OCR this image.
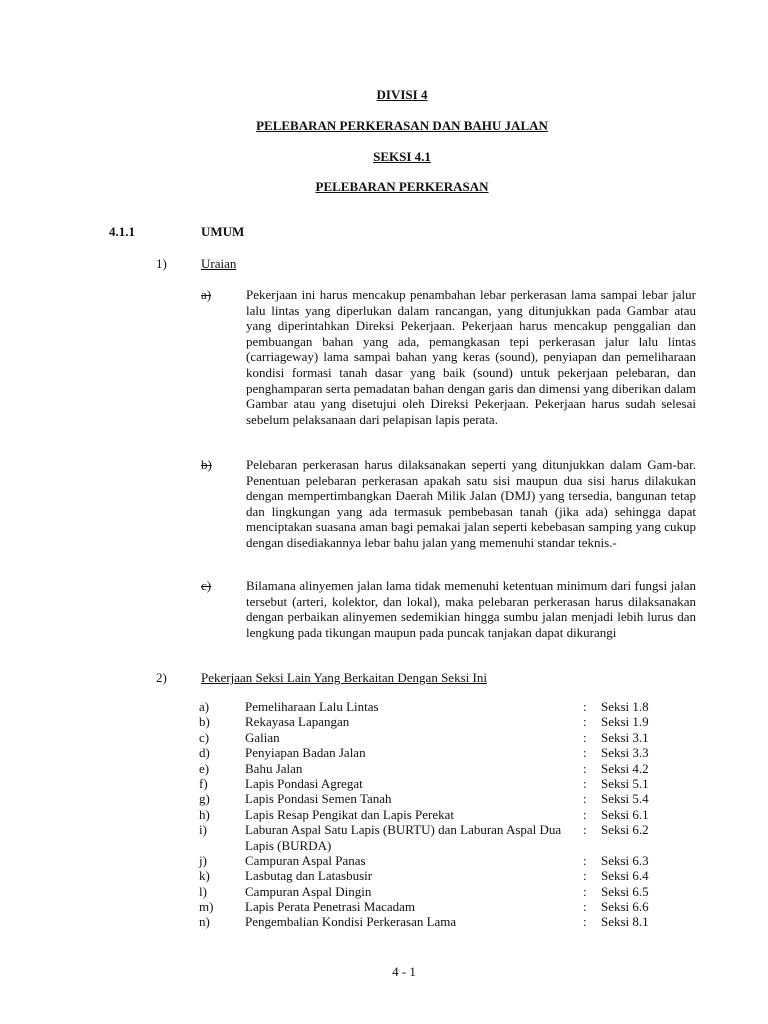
DIVISI 4
PELEBARAN PERKERASAN DAN BAHU JALAN
SEKSI 4.1
PELEBARAN PERKERASAN
4.1.1	UMUM
1)	Uraian
a)	Pekerjaan ini harus mencakup penambahan lebar perkerasan lama sampai lebar jalur lalu lintas yang diperlukan dalam rancangan, yang ditunjukkan pada Gambar atau yang diperintahkan Direksi Pekerjaan. Pekerjaan harus mencakup penggalian dan pembuangan bahan yang ada, pemangkasan tepi perkerasan jalur lalu lintas (carriageway) lama sampai bahan yang keras (sound), penyiapan dan pemeliharaan kondisi formasi tanah dasar yang baik (sound) untuk pekerjaan pelebaran, dan penghamparan serta pemadatan bahan dengan garis dan dimensi yang diberikan dalam Gambar atau yang disetujui oleh Direksi Pekerjaan. Pekerjaan harus sudah selesai sebelum pelaksanaan dari pelapisan lapis perata.
b)	Pelebaran perkerasan harus dilaksanakan seperti yang ditunjukkan dalam Gam-bar. Penentuan pelebaran perkerasan apakah satu sisi maupun dua sisi harus dilakukan dengan mempertimbangkan Daerah Milik Jalan (DMJ) yang tersedia, bangunan tetap dan lingkungan yang ada termasuk pembebasan tanah (jika ada) sehingga dapat menciptakan suasana aman bagi pemakai jalan seperti kebebasan samping yang cukup dengan disediakannya lebar bahu jalan yang memenuhi standar teknis.-
c)	Bilamana alinyemen jalan lama tidak memenuhi ketentuan minimum dari fungsi jalan tersebut (arteri, kolektor, dan lokal), maka pelebaran perkerasan harus dilaksanakan dengan perbaikan alinyemen sedemikian hingga sumbu jalan menjadi lebih lurus dan lengkung pada tikungan maupun pada puncak tanjakan dapat dikurangi
2)	Pekerjaan Seksi Lain Yang Berkaitan Dengan Seksi Ini
a)	Pemeliharaan Lalu Lintas	: Seksi 1.8
b)	Rekayasa Lapangan	: Seksi 1.9
c)	Galian	: Seksi 3.1
d)	Penyiapan Badan Jalan	: Seksi 3.3
e)	Bahu Jalan	: Seksi 4.2
f)	Lapis Pondasi Agregat	: Seksi 5.1
g)	Lapis Pondasi Semen Tanah	: Seksi 5.4
h)	Lapis Resap Pengikat dan Lapis Perekat	: Seksi 6.1
i)	Laburan Aspal Satu Lapis (BURTU) dan Laburan Aspal Dua Lapis (BURDA)
: Seksi 6.2
j)	Campuran Aspal Panas	: Seksi 6.3
k)	Lasbutag dan Latasbusir	: Seksi 6.4
l)	Campuran Aspal Dingin	: Seksi 6.5
m) Lapis Perata Penetrasi Macadam	: Seksi 6.6
n)	Pengembalian Kondisi Perkerasan Lama	: Seksi 8.1
4 - 1
